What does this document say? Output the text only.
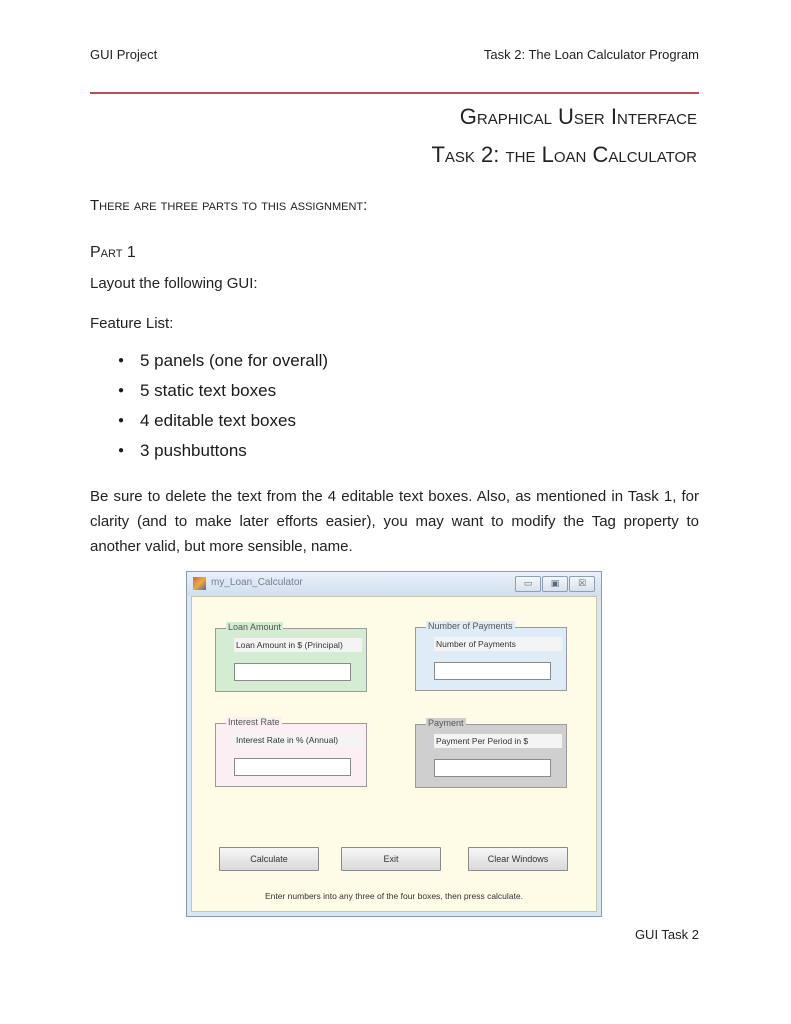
GUI Project	Task 2: The Loan Calculator Program
Graphical User Interface
Task 2: the Loan Calculator
There are three parts to this assignment:
Part 1
Layout the following GUI:
Feature List:
● 5 panels (one for overall)
● 5 static text boxes
● 4 editable text boxes
● 3 pushbuttons
Be sure to delete the text from the 4 editable text boxes. Also, as mentioned in Task 1, for clarity (and to make later efforts easier), you may want to modify the Tag property to another valid, but more sensible, name.
my_Loan_Calculator	▭	▣	☒
Loan Amount
Loan Amount in $ (Principal)
Number of Payments
Number of Payments
Interest Rate
Interest Rate in % (Annual)
Payment
Payment Per Period in $
Calculate	Exit	Clear Windows
Enter numbers into any three of the four boxes, then press calculate.
GUI Task 2
